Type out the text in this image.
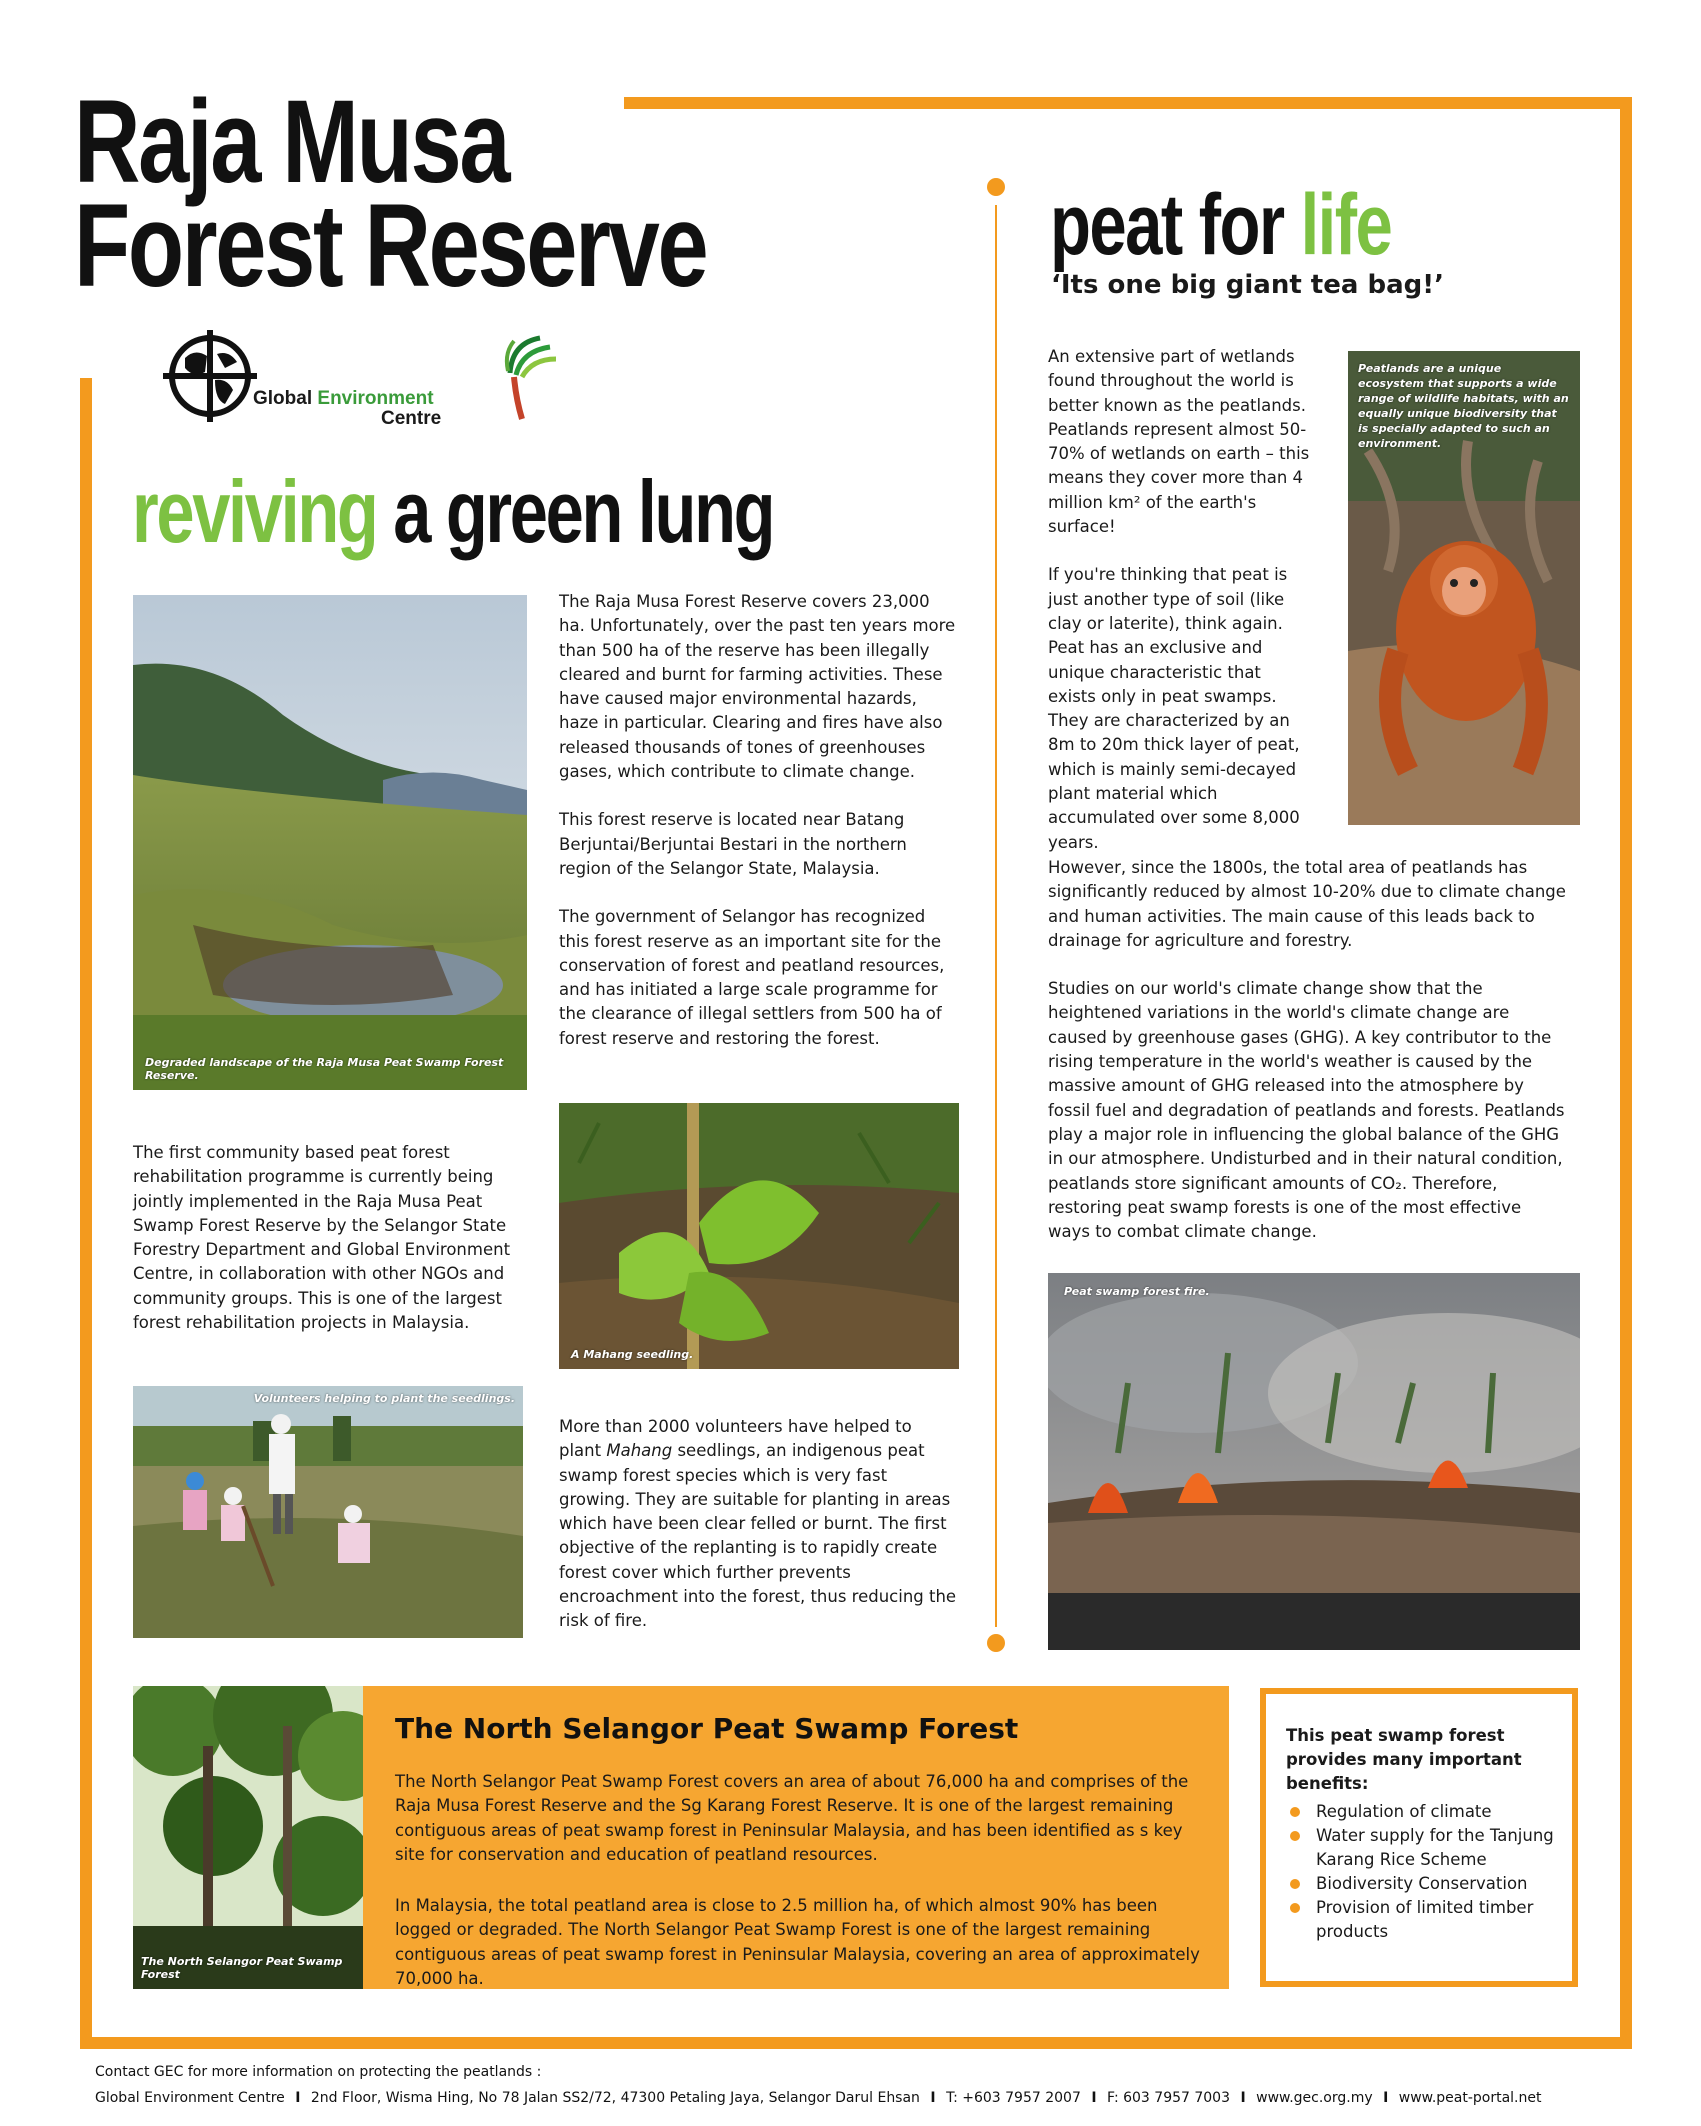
Raja Musa
Forest Reserve
Global Environment
Centre
reviving a green lung
peat for life
‘Its one big giant tea bag!’
Degraded landscape of the Raja Musa Peat Swamp Forest Reserve.

The Raja Musa Forest Reserve covers 23,000 ha. Unfortunately, over the past ten years more than 500 ha of the reserve has been illegally cleared and burnt for farming activities. These have caused major environmental hazards, haze in particular. Clearing and fires have also released thousands of tones of greenhouses gases, which contribute to climate change.

This forest reserve is located near Batang Berjuntai/Berjuntai Bestari in the northern region of the Selangor State, Malaysia.

The government of Selangor has recognized this forest reserve as an important site for the conservation of forest and peatland resources, and has initiated a large scale programme for the clearance of illegal settlers from 500 ha of forest reserve and restoring the forest.

A Mahang seedling.

The first community based peat forest rehabilitation programme is currently being jointly implemented in the Raja Musa Peat Swamp Forest Reserve by the Selangor State Forestry Department and Global Environment Centre, in collaboration with other NGOs and community groups. This is one of the largest forest rehabilitation projects in Malaysia.

Volunteers helping to plant the seedlings.

More than 2000 volunteers have helped to plant Mahang seedlings, an indigenous peat swamp forest species which is very fast growing. They are suitable for planting in areas which have been clear felled or burnt. The first objective of the replanting is to rapidly create forest cover which further prevents encroachment into the forest, thus reducing the risk of fire.

An extensive part of wetlands found throughout the world is better known as the peatlands. Peatlands represent almost 50-70% of wetlands on earth – this means they cover more than 4 million km² of the earth's surface!

If you're thinking that peat is just another type of soil (like clay or laterite), think again. Peat has an exclusive and unique characteristic that exists only in peat swamps. They are characterized by an 8m to 20m thick layer of peat, which is mainly semi-decayed plant material which accumulated over some 8,000 years.

Peatlands are a unique ecosystem that supports a wide range of wildlife habitats, with an equally unique biodiversity that is specially adapted to such an environment.

However, since the 1800s, the total area of peatlands has significantly reduced by almost 10-20% due to climate change and human activities. The main cause of this leads back to drainage for agriculture and forestry.

Studies on our world's climate change show that the heightened variations in the world's climate change are caused by greenhouse gases (GHG). A key contributor to the rising temperature in the world's weather is caused by the massive amount of GHG released into the atmosphere by fossil fuel and degradation of peatlands and forests. Peatlands play a major role in influencing the global balance of the GHG in our atmosphere. Undisturbed and in their natural condition, peatlands store significant amounts of CO₂. Therefore, restoring peat swamp forests is one of the most effective ways to combat climate change.

Peat swamp forest fire.
The North Selangor Peat Swamp Forest
The North Selangor Peat Swamp Forest

The North Selangor Peat Swamp Forest covers an area of about 76,000 ha and comprises of the Raja Musa Forest Reserve and the Sg Karang Forest Reserve. It is one of the largest remaining contiguous areas of peat swamp forest in Peninsular Malaysia, and has been identified as s key site for conservation and education of peatland resources.

In Malaysia, the total peatland area is close to 2.5 million ha, of which almost 90% has been logged or degraded. The North Selangor Peat Swamp Forest is one of the largest remaining contiguous areas of peat swamp forest in Peninsular Malaysia, covering an area of approximately 70,000 ha.

This peat swamp forest provides many important benefits:
Regulation of climate
Water supply for the Tanjung Karang Rice Scheme
Biodiversity Conservation
Provision of limited timber products
Contact GEC for more information on protecting the peatlands :
Global Environment Centre I 2nd Floor, Wisma Hing, No 78 Jalan SS2/72, 47300 Petaling Jaya, Selangor Darul Ehsan I T: +603 7957 2007 I F: 603 7957 7003 I www.gec.org.my I www.peat-portal.net
